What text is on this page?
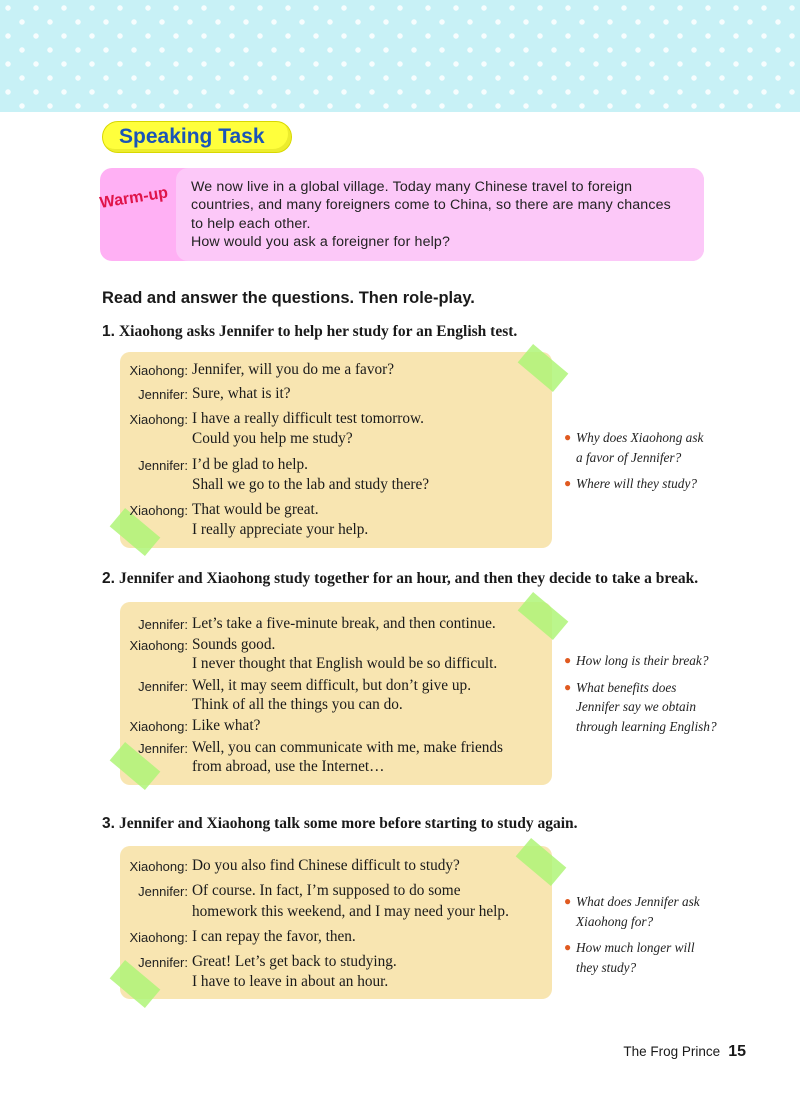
Speaking Task
Warm-up We now live in a global village. Today many Chinese travel to foreign

countries, and many foreigners come to China, so there are many chances

to help each other.

How would you ask a foreigner for help?

Read and answer the questions. Then role-play.
1. Xiaohong asks Jennifer to help her study for an English test.
Xiaohong: Jennifer, will you do me a favor?
Jennifer: Sure, what is it?
Xiaohong: I have a really difficult test tomorrow.
Could you help me study?
Jennifer: I’d be glad to help.
Shall we go to the lab and study there?
Xiaohong: That would be great.
I really appreciate your help.
● Why does Xiaohong ask
a favor of Jennifer?
● Where will they study?
2. Jennifer and Xiaohong study together for an hour, and then they decide to take a break.
Jennifer: Let’s take a five-minute break, and then continue.
Xiaohong: Sounds good.
I never thought that English would be so difficult.
Jennifer: Well, it may seem difficult, but don’t give up.
Think of all the things you can do.
Xiaohong: Like what?
Jennifer: Well, you can communicate with me, make friends
from abroad, use the Internet…
● How long is their break?
● What benefits does
Jennifer say we obtain
through learning English?
3. Jennifer and Xiaohong talk some more before starting to study again.
Xiaohong: Do you also find Chinese difficult to study?
Jennifer: Of course. In fact, I’m supposed to do some
homework this weekend, and I may need your help.
Xiaohong: I can repay the favor, then.
Jennifer: Great! Let’s get back to studying.
I have to leave in about an hour.
● What does Jennifer ask
Xiaohong for?
● How much longer will
they study?
The Frog Prince 15
